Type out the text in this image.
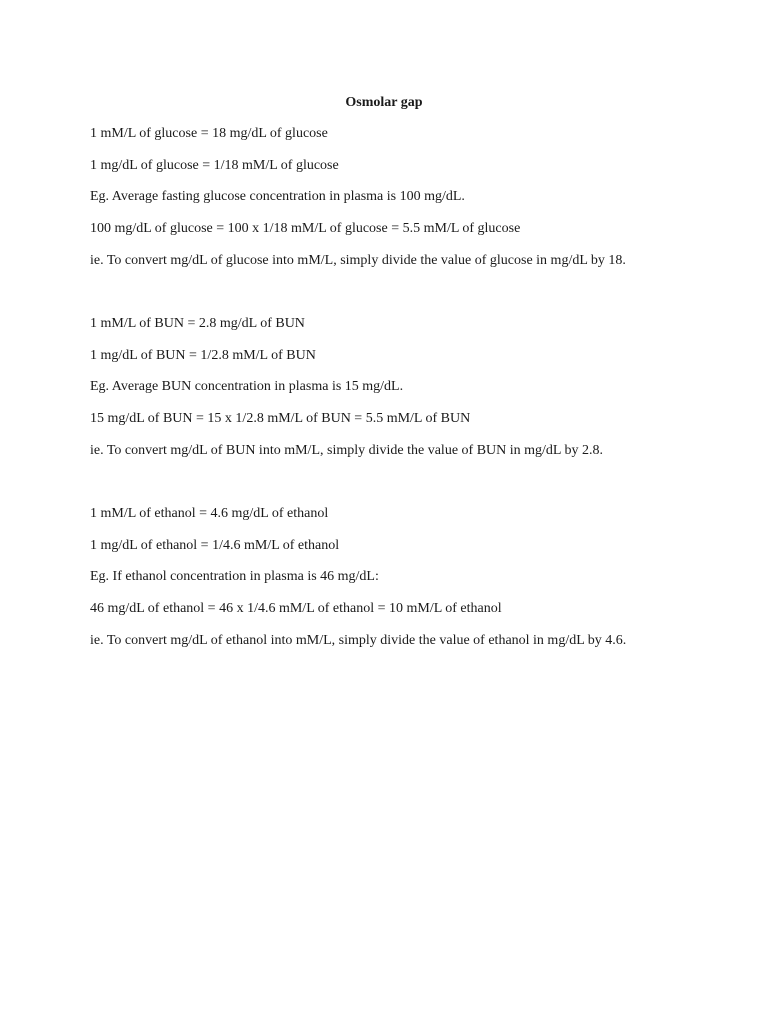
Osmolar gap

1 mM/L of glucose = 18 mg/dL of glucose

1 mg/dL of glucose = 1/18 mM/L of glucose

Eg. Average fasting glucose concentration in plasma is 100 mg/dL.

100 mg/dL of glucose = 100 x 1/18 mM/L of glucose = 5.5 mM/L of glucose

ie. To convert mg/dL of glucose into mM/L, simply divide the value of glucose in mg/dL by 18.

1 mM/L of BUN = 2.8 mg/dL of BUN

1 mg/dL of BUN = 1/2.8 mM/L of BUN

Eg. Average BUN concentration in plasma is 15 mg/dL.

15 mg/dL of BUN = 15 x 1/2.8 mM/L of BUN = 5.5 mM/L of BUN

ie. To convert mg/dL of BUN into mM/L, simply divide the value of BUN in mg/dL by 2.8.

1 mM/L of ethanol = 4.6 mg/dL of ethanol

1 mg/dL of ethanol = 1/4.6 mM/L of ethanol

Eg. If ethanol concentration in plasma is 46 mg/dL:

46 mg/dL of ethanol = 46 x 1/4.6 mM/L of ethanol = 10 mM/L of ethanol

ie. To convert mg/dL of ethanol into mM/L, simply divide the value of ethanol in mg/dL by 4.6.
